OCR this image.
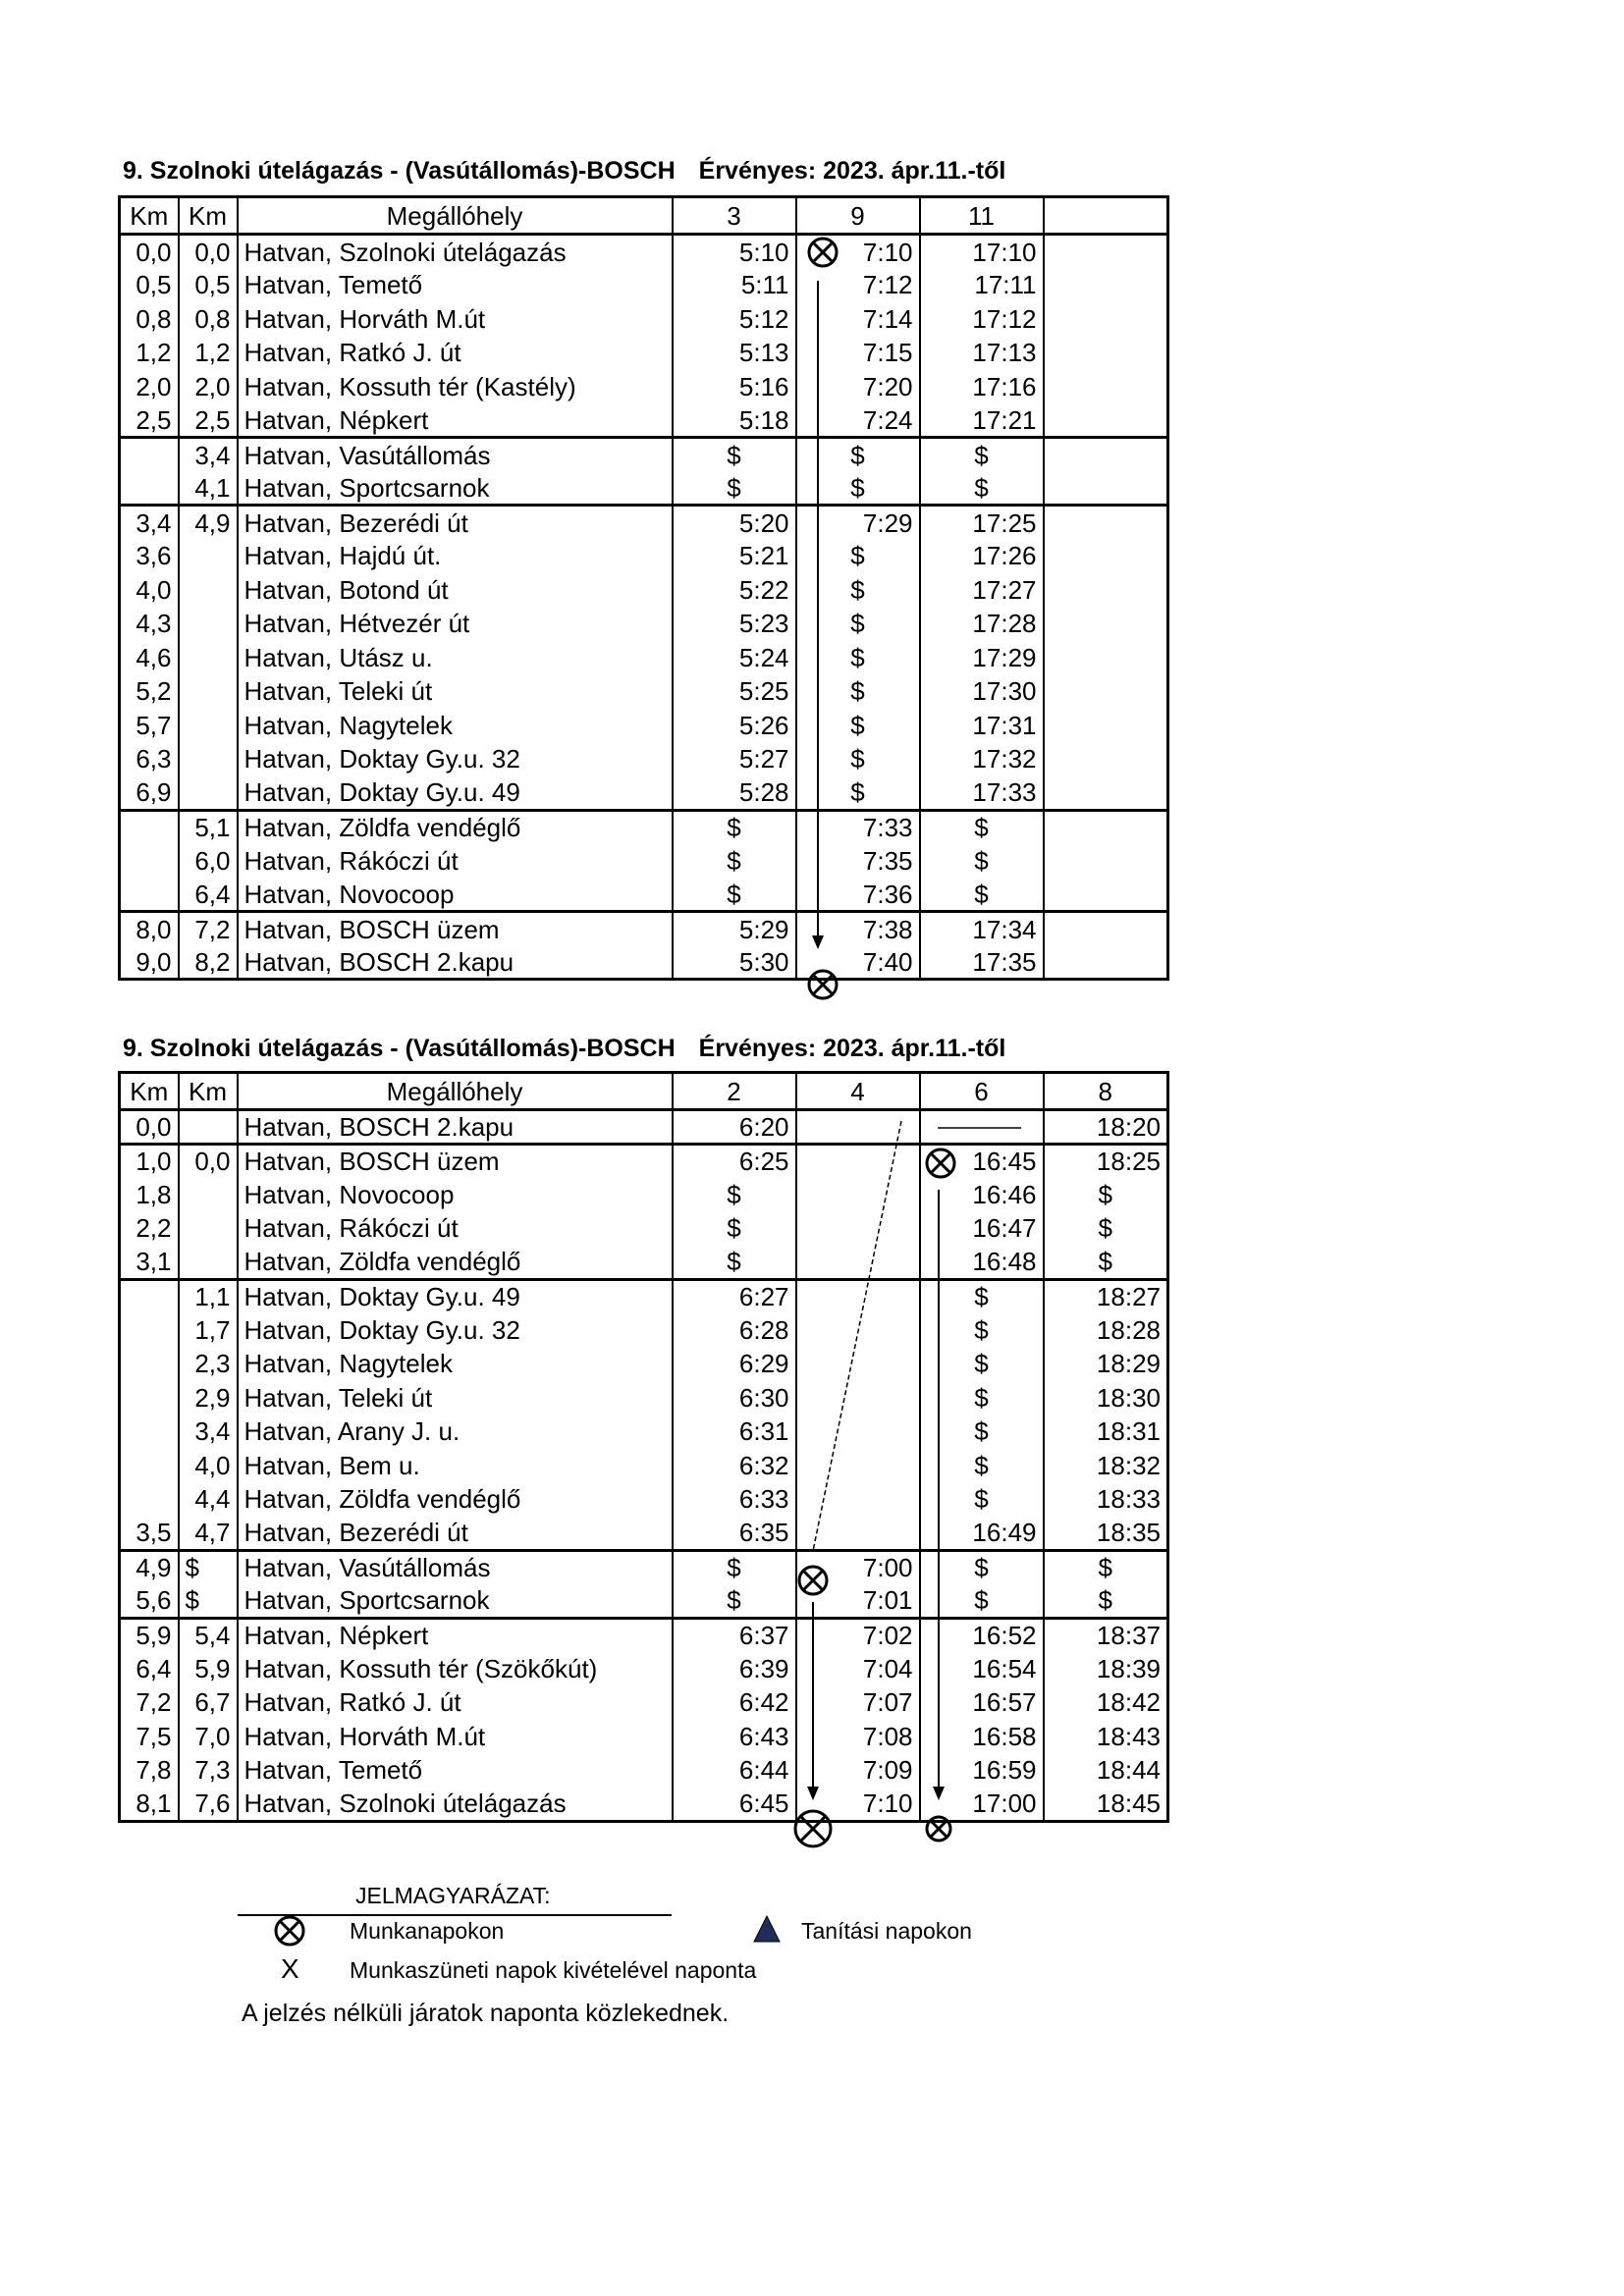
9. Szolnoki útelágazás - (Vasútállomás)-BOSCH Érvényes: 2023. ápr.11.-től
Km	Km	Megállóhely	3	9	11	
0,0	0,0	Hatvan, Szolnoki útelágazás	5:10	7:10	17:10	
0,5	0,5	Hatvan, Temető	5:11	7:12	17:11	
0,8	0,8	Hatvan, Horváth M.út	5:12	7:14	17:12	
1,2	1,2	Hatvan, Ratkó J. út	5:13	7:15	17:13	
2,0	2,0	Hatvan, Kossuth tér (Kastély)	5:16	7:20	17:16	
2,5	2,5	Hatvan, Népkert	5:18	7:24	17:21	
	3,4	Hatvan, Vasútállomás	$	$	$	
	4,1	Hatvan, Sportcsarnok	$	$	$	
3,4	4,9	Hatvan, Bezerédi út	5:20	7:29	17:25	
3,6		Hatvan, Hajdú út.	5:21	$	17:26	
4,0		Hatvan, Botond út	5:22	$	17:27	
4,3		Hatvan, Hétvezér út	5:23	$	17:28	
4,6		Hatvan, Utász u.	5:24	$	17:29	
5,2		Hatvan, Teleki út	5:25	$	17:30	
5,7		Hatvan, Nagytelek	5:26	$	17:31	
6,3		Hatvan, Doktay Gy.u. 32	5:27	$	17:32	
6,9		Hatvan, Doktay Gy.u. 49	5:28	$	17:33	
	5,1	Hatvan, Zöldfa vendéglő	$	7:33	$	
	6,0	Hatvan, Rákóczi út	$	7:35	$	
	6,4	Hatvan, Novocoop	$	7:36	$	
8,0	7,2	Hatvan, BOSCH üzem	5:29	7:38	17:34	
9,0	8,2	Hatvan, BOSCH 2.kapu	5:30	7:40	17:35	
9. Szolnoki útelágazás - (Vasútállomás)-BOSCH Érvényes: 2023. ápr.11.-től
Km	Km	Megállóhely	2	4	6	8
0,0		Hatvan, BOSCH 2.kapu	6:20			18:20
1,0	0,0	Hatvan, BOSCH üzem	6:25		16:45	18:25
1,8		Hatvan, Novocoop	$		16:46	$
2,2		Hatvan, Rákóczi út	$		16:47	$
3,1		Hatvan, Zöldfa vendéglő	$		16:48	$
	1,1	Hatvan, Doktay Gy.u. 49	6:27		$	18:27
	1,7	Hatvan, Doktay Gy.u. 32	6:28		$	18:28
	2,3	Hatvan, Nagytelek	6:29		$	18:29
	2,9	Hatvan, Teleki út	6:30		$	18:30
	3,4	Hatvan, Arany J. u.	6:31		$	18:31
	4,0	Hatvan, Bem u.	6:32		$	18:32
	4,4	Hatvan, Zöldfa vendéglő	6:33		$	18:33
3,5	4,7	Hatvan, Bezerédi út	6:35		16:49	18:35
4,9	$	Hatvan, Vasútállomás	$	7:00	$	$
5,6	$	Hatvan, Sportcsarnok	$	7:01	$	$
5,9	5,4	Hatvan, Népkert	6:37	7:02	16:52	18:37
6,4	5,9	Hatvan, Kossuth tér (Szökőkút)	6:39	7:04	16:54	18:39
7,2	6,7	Hatvan, Ratkó J. út	6:42	7:07	16:57	18:42
7,5	7,0	Hatvan, Horváth M.út	6:43	7:08	16:58	18:43
7,8	7,3	Hatvan, Temető	6:44	7:09	16:59	18:44
8,1	7,6	Hatvan, Szolnoki útelágazás	6:45	7:10	17:00	18:45
JELMAGYARÁZAT:
Munkanapokon	Tanítási napokon
X Munkaszüneti napok kivételével naponta
A jelzés nélküli járatok naponta közlekednek.
